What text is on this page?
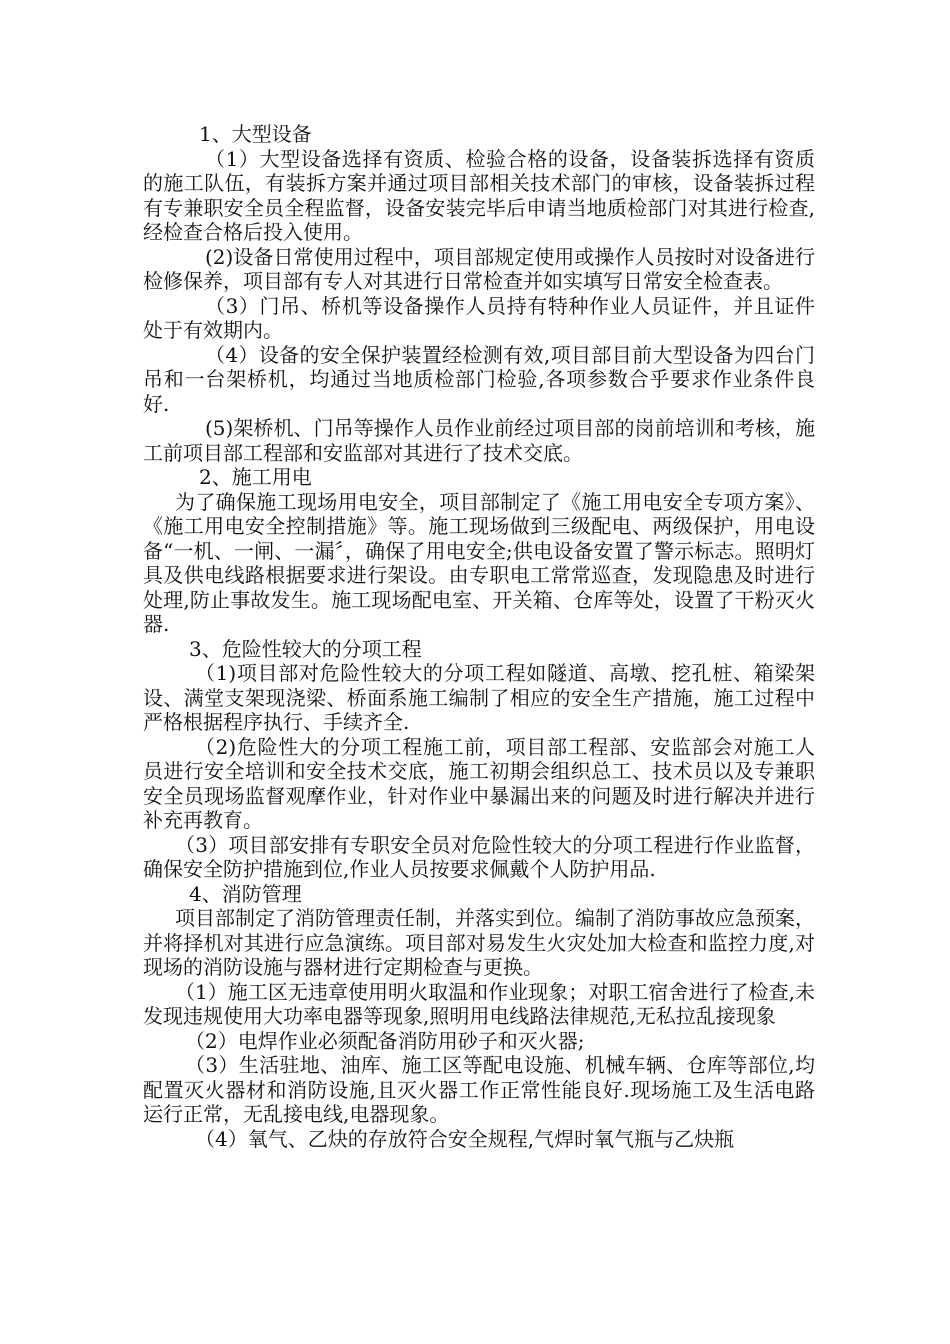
1、大型设备

（1）大型设备选择有资质、检验合格的设备，设备装拆选择有资质的施工队伍，有装拆方案并通过项目部相关技术部门的审核，设备装拆过程有专兼职安全员全程监督，设备安装完毕后申请当地质检部门对其进行检查,经检查合格后投入使用。

(2)设备日常使用过程中，项目部规定使用或操作人员按时对设备进行检修保养，项目部有专人对其进行日常检查并如实填写日常安全检查表。

（3）门吊、桥机等设备操作人员持有特种作业人员证件，并且证件处于有效期内。

（4）设备的安全保护装置经检测有效,项目部目前大型设备为四台门吊和一台架桥机，均通过当地质检部门检验,各项参数合乎要求作业条件良好.

(5)架桥机、门吊等操作人员作业前经过项目部的岗前培训和考核，施工前项目部工程部和安监部对其进行了技术交底。

2、施工用电

为了确保施工现场用电安全，项目部制定了《施工用电安全专项方案》、《施工用电安全控制措施》等。施工现场做到三级配电、两级保护，用电设备“一机、一闸、一漏〞，确保了用电安全;供电设备安置了警示标志。照明灯具及供电线路根据要求进行架设。由专职电工常常巡查，发现隐患及时进行处理,防止事故发生。施工现场配电室、开关箱、仓库等处，设置了干粉灭火器.

3、危险性较大的分项工程

（1)项目部对危险性较大的分项工程如隧道、高墩、挖孔桩、箱梁架设、满堂支架现浇梁、桥面系施工编制了相应的安全生产措施，施工过程中严格根据程序执行、手续齐全.

（2)危险性大的分项工程施工前，项目部工程部、安监部会对施工人员进行安全培训和安全技术交底，施工初期会组织总工、技术员以及专兼职安全员现场监督观摩作业，针对作业中暴漏出来的问题及时进行解决并进行补充再教育。

（3）项目部安排有专职安全员对危险性较大的分项工程进行作业监督，确保安全防护措施到位,作业人员按要求佩戴个人防护用品.

4、消防管理

项目部制定了消防管理责任制，并落实到位。编制了消防事故应急预案，并将择机对其进行应急演练。项目部对易发生火灾处加大检查和监控力度,对现场的消防设施与器材进行定期检查与更换。

（1）施工区无违章使用明火取温和作业现象；对职工宿舍进行了检查,未发现违规使用大功率电器等现象,照明用电线路法律规范,无私拉乱接现象

（2）电焊作业必须配备消防用砂子和灭火器;

（3）生活驻地、油库、施工区等配电设施、机械车辆、仓库等部位,均配置灭火器材和消防设施,且灭火器工作正常性能良好.现场施工及生活电路运行正常，无乱接电线,电器现象。

（4）氧气、乙炔的存放符合安全规程,气焊时氧气瓶与乙炔瓶
